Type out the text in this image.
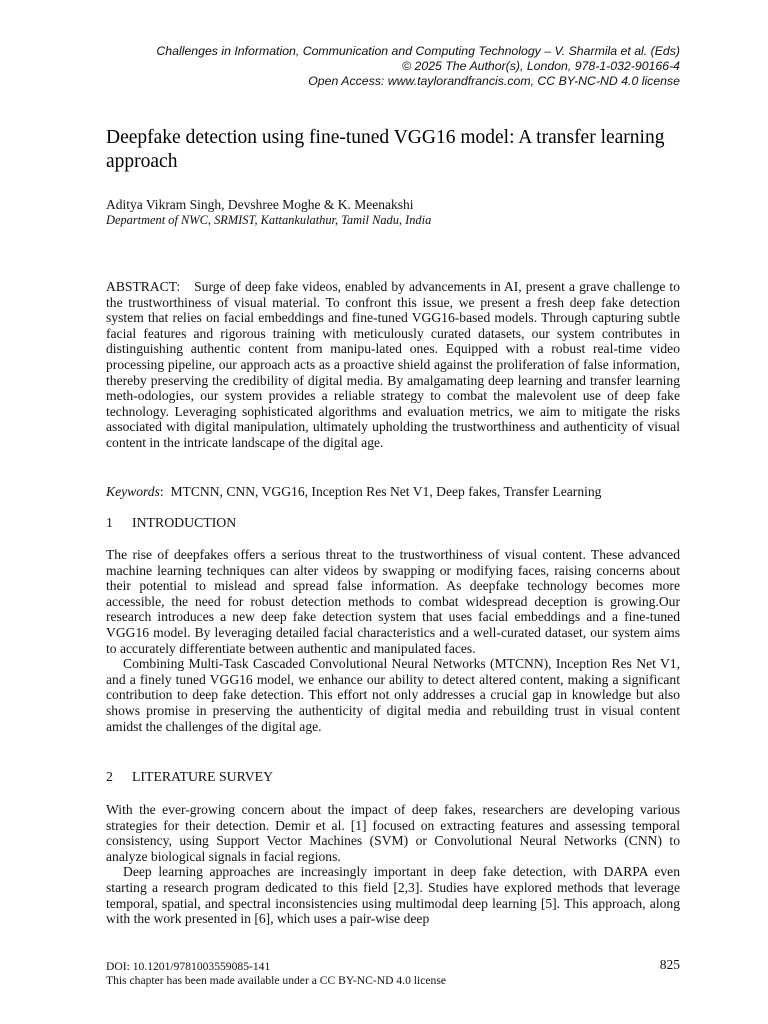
Challenges in Information, Communication and Computing Technology – V. Sharmila et al. (Eds)
© 2025 The Author(s), London, 978-1-032-90166-4
Open Access: www.taylorandfrancis.com, CC BY-NC-ND 4.0 license
Deepfake detection using fine-tuned VGG16 model: A transfer learning approach
Aditya Vikram Singh, Devshree Moghe & K. Meenakshi
Department of NWC, SRMIST, Kattankulathur, Tamil Nadu, India

ABSTRACT: Surge of deep fake videos, enabled by advancements in AI, present a grave challenge to the trustworthiness of visual material. To confront this issue, we present a fresh deep fake detection system that relies on facial embeddings and fine-tuned VGG16-based models. Through capturing subtle facial features and rigorous training with meticulously curated datasets, our system contributes in distinguishing authentic content from manipu-lated ones. Equipped with a robust real-time video processing pipeline, our approach acts as a proactive shield against the proliferation of false information, thereby preserving the credibility of digital media. By amalgamating deep learning and transfer learning meth-odologies, our system provides a reliable strategy to combat the malevolent use of deep fake technology. Leveraging sophisticated algorithms and evaluation metrics, we aim to mitigate the risks associated with digital manipulation, ultimately upholding the trustworthiness and authenticity of visual content in the intricate landscape of the digital age.

Keywords:  MTCNN, CNN, VGG16, Inception Res Net V1, Deep fakes, Transfer Learning

1 INTRODUCTION

The rise of deepfakes offers a serious threat to the trustworthiness of visual content. These advanced machine learning techniques can alter videos by swapping or modifying faces, raising concerns about their potential to mislead and spread false information. As deepfake technology becomes more accessible, the need for robust detection methods to combat widespread deception is growing.Our research introduces a new deep fake detection system that uses facial embeddings and a fine-tuned VGG16 model. By leveraging detailed facial characteristics and a well-curated dataset, our system aims to accurately differentiate between authentic and manipulated faces.

Combining Multi-Task Cascaded Convolutional Neural Networks (MTCNN), Inception Res Net V1, and a finely tuned VGG16 model, we enhance our ability to detect altered content, making a significant contribution to deep fake detection. This effort not only addresses a crucial gap in knowledge but also shows promise in preserving the authenticity of digital media and rebuilding trust in visual content amidst the challenges of the digital age.

2 LITERATURE SURVEY

With the ever-growing concern about the impact of deep fakes, researchers are developing various strategies for their detection. Demir et al. [1] focused on extracting features and assessing temporal consistency, using Support Vector Machines (SVM) or Convolutional Neural Networks (CNN) to analyze biological signals in facial regions.

Deep learning approaches are increasingly important in deep fake detection, with DARPA even starting a research program dedicated to this field [2,3]. Studies have explored methods that leverage temporal, spatial, and spectral inconsistencies using multimodal deep learning [5]. This approach, along with the work presented in [6], which uses a pair-wise deep

DOI: 10.1201/9781003559085-141
This chapter has been made available under a CC BY-NC-ND 4.0 license
825
